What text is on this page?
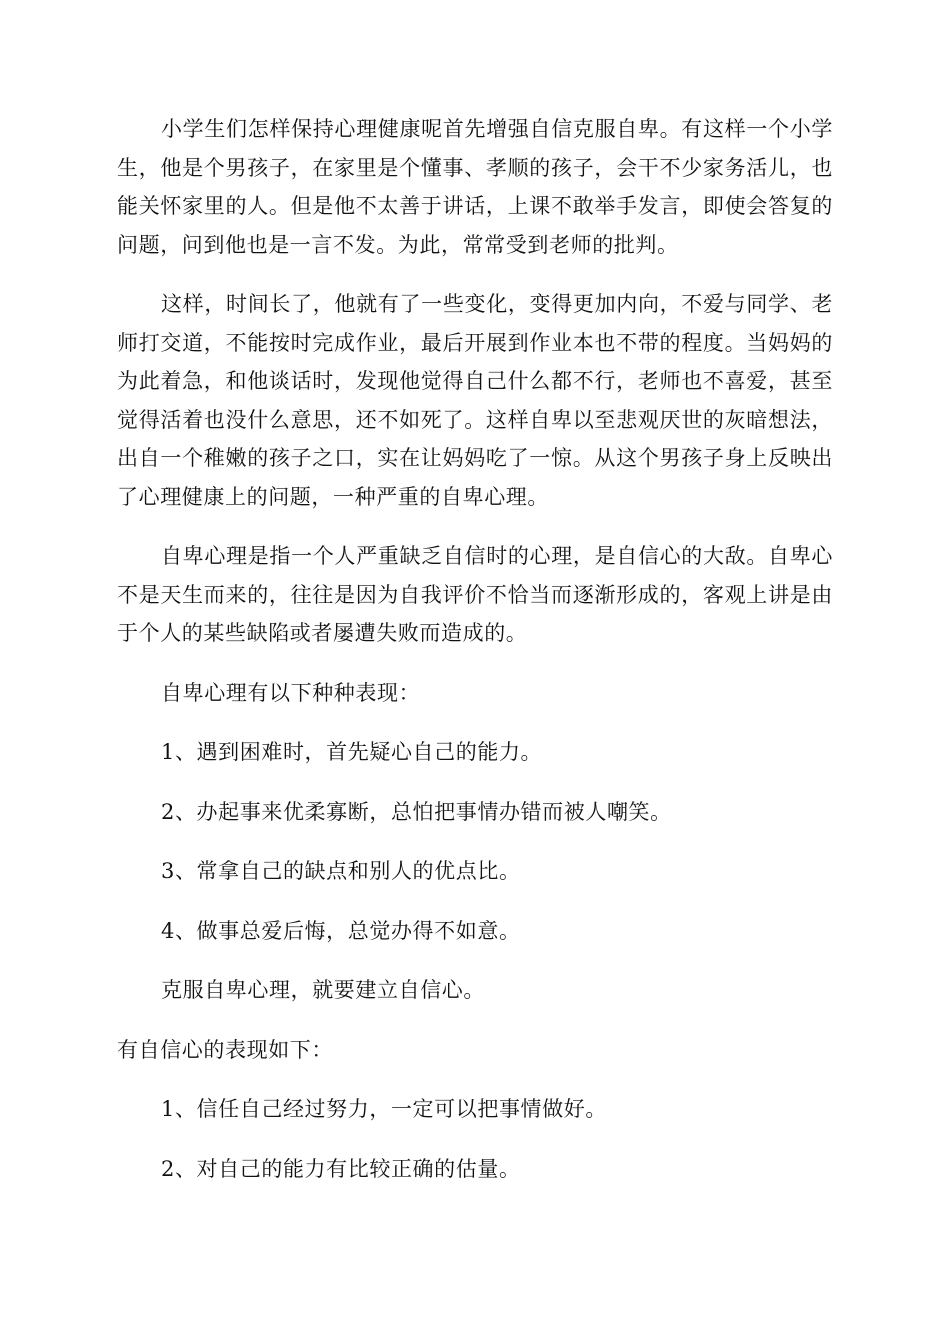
小学生们怎样保持心理健康呢首先增强自信克服自卑。有这样一个小学生，他是个男孩子，在家里是个懂事、孝顺的孩子，会干不少家务活儿，也能关怀家里的人。但是他不太善于讲话，上课不敢举手发言，即使会答复的问题，问到他也是一言不发。为此，常常受到老师的批判。

这样，时间长了，他就有了一些变化，变得更加内向，不爱与同学、老师打交道，不能按时完成作业，最后开展到作业本也不带的程度。当妈妈的为此着急，和他谈话时，发现他觉得自己什么都不行，老师也不喜爱，甚至觉得活着也没什么意思，还不如死了。这样自卑以至悲观厌世的灰暗想法，出自一个稚嫩的孩子之口，实在让妈妈吃了一惊。从这个男孩子身上反映出了心理健康上的问题，一种严重的自卑心理。

自卑心理是指一个人严重缺乏自信时的心理，是自信心的大敌。自卑心不是天生而来的，往往是因为自我评价不恰当而逐渐形成的，客观上讲是由于个人的某些缺陷或者屡遭失败而造成的。

自卑心理有以下种种表现：

1、遇到困难时，首先疑心自己的能力。

2、办起事来优柔寡断，总怕把事情办错而被人嘲笑。

3、常拿自己的缺点和别人的优点比。

4、做事总爱后悔，总觉办得不如意。

克服自卑心理，就要建立自信心。

有自信心的表现如下：

1、信任自己经过努力，一定可以把事情做好。

2、对自己的能力有比较正确的估量。
